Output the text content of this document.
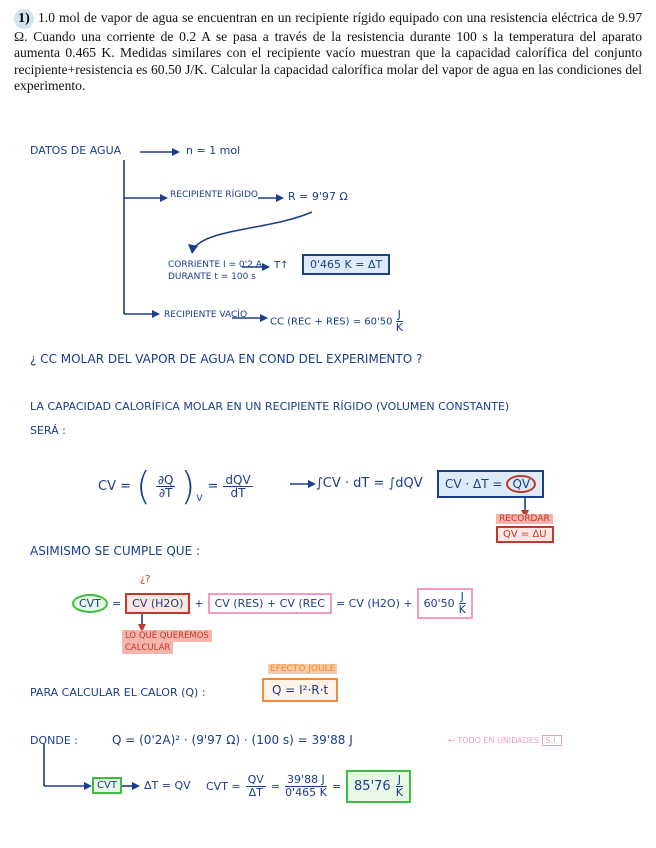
1) 1.0 mol de vapor de agua se encuentran en un recipiente rígido equipado con una resistencia eléctrica de 9.97 Ω. Cuando una corriente de 0.2 A se pasa a través de la resistencia durante 100 s la temperatura del aparato aumenta 0.465 K. Medidas similares con el recipiente vacío muestran que la capacidad calorífica del conjunto recipiente+resistencia es 60.50 J/K. Calcular la capacidad calorífica molar del vapor de agua en las condiciones del experimento.
DATOS DE AGUA	n = 1 mol
RECIPIENTE RÍGIDO	R = 9'97 Ω
CORRIENTE I = 0'2 A
DURANTE t = 100 s
T↑	0'465 K = ΔT
RECIPIENTE VACÍO
CC $(REC + RES) = 60'50 \frac{J}{K}$
¿ CC MOLAR DEL VAPOR DE AGUA EN COND DEL EXPERIMENTO ?
LA CAPACIDAD CALORÍFICA MOLAR EN UN RECIPIENTE RÍGIDO (VOLUMEN CONSTANTE)
SERÁ :
CV = ( $\frac{\partial Q}{\partial T}$ ) V
= $\frac{\text{dQV}}{dT}$	∫CV · dT = ∫dQV CV · ΔT = QV
RECORDAR
QV = ΔU
ASIMISMO SE CUMPLE QUE :
¿?
CVT	=	CV (H2O)	+	CV (RES) + CV (REC	= CV $(H2O) + 60'50 \frac{J}{K}$
LO QUE QUEREMOS
CALCULAR
EFECTO JOULE
PARA CALCULAR EL CALOR (Q) :	Q = I²·R·t
DONDE :	Q = (0'2A)² · (9'97 Ω) · (100 s) = 39'88 J	← TODO EN UNIDADES S.I.
CVT	ΔT = QV CVT = $\frac{QV}{\Delta T} = \frac{39'88 J}{0'465 K} = 85'76 \frac{J}{K}$
